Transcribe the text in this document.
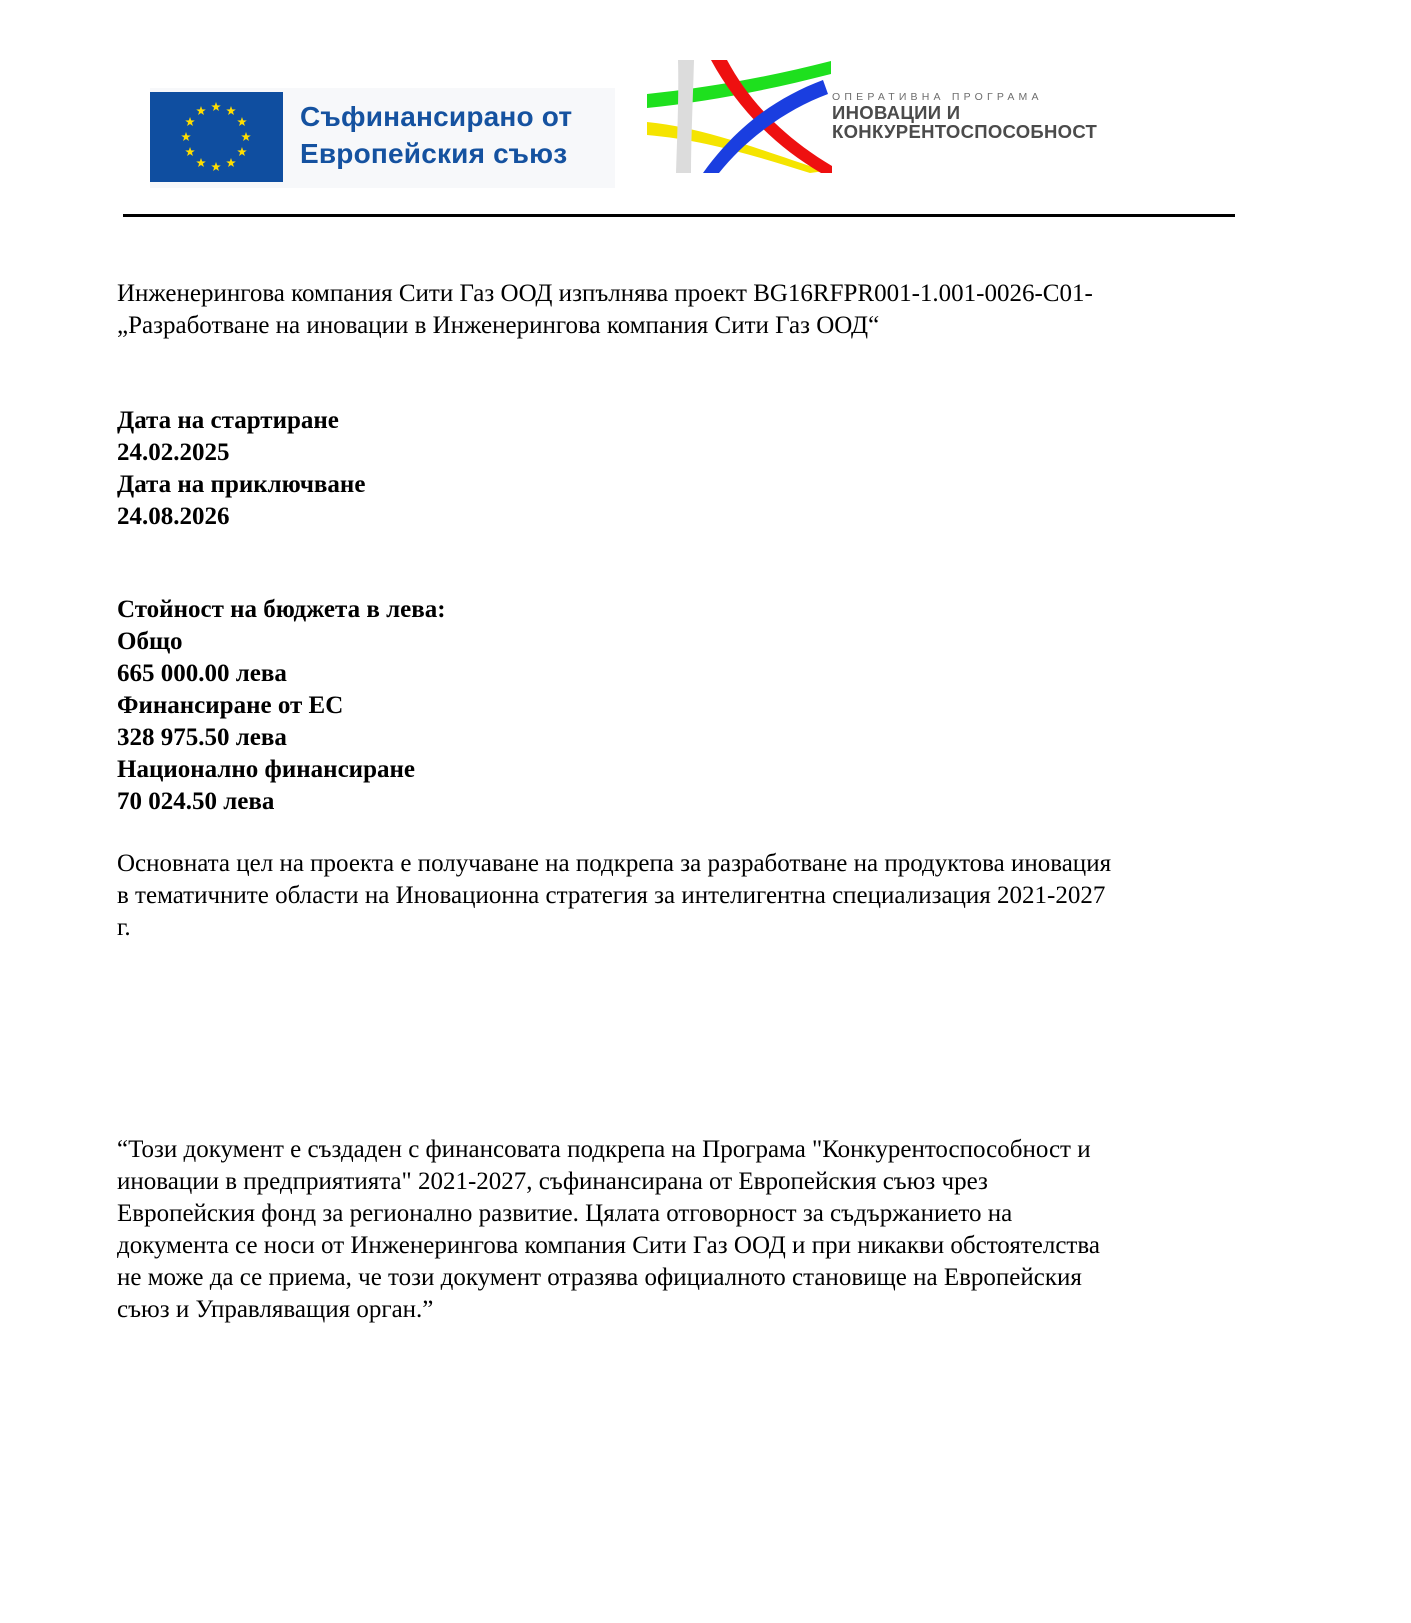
Съфинансирано от
Европейския съюз
ОПЕРАТИВНА ПРОГРАМА
ИНОВАЦИИ И
КОНКУРЕНТОСПОСОБНОСТ
Инженерингова компания Сити Газ ООД изпълнява проект BG16RFPR001-1.001-0026-C01-
„Разработване на иновации в Инженерингова компания Сити Газ ООД“
Дата на стартиране
24.02.2025
Дата на приключване
24.08.2026
Стойност на бюджета в лева:
Общо
665 000.00 лева
Финансиране от ЕС
328 975.50 лева
Национално финансиране
70 024.50 лева
Основната цел на проекта е получаване на подкрепа за разработване на продуктова иновация
в тематичните области на Иновационна стратегия за интелигентна специализация 2021-2027
г.
“Този документ е създаден с финансовата подкрепа на Програма "Конкурентоспособност и
иновации в предприятията" 2021-2027, съфинансирана от Европейския съюз чрез
Европейския фонд за регионално развитие. Цялата отговорност за съдържанието на
документа се носи от Инженерингова компания Сити Газ ООД и при никакви обстоятелства
не може да се приема, че този документ отразява официалното становище на Европейския
съюз и Управляващия орган.”
